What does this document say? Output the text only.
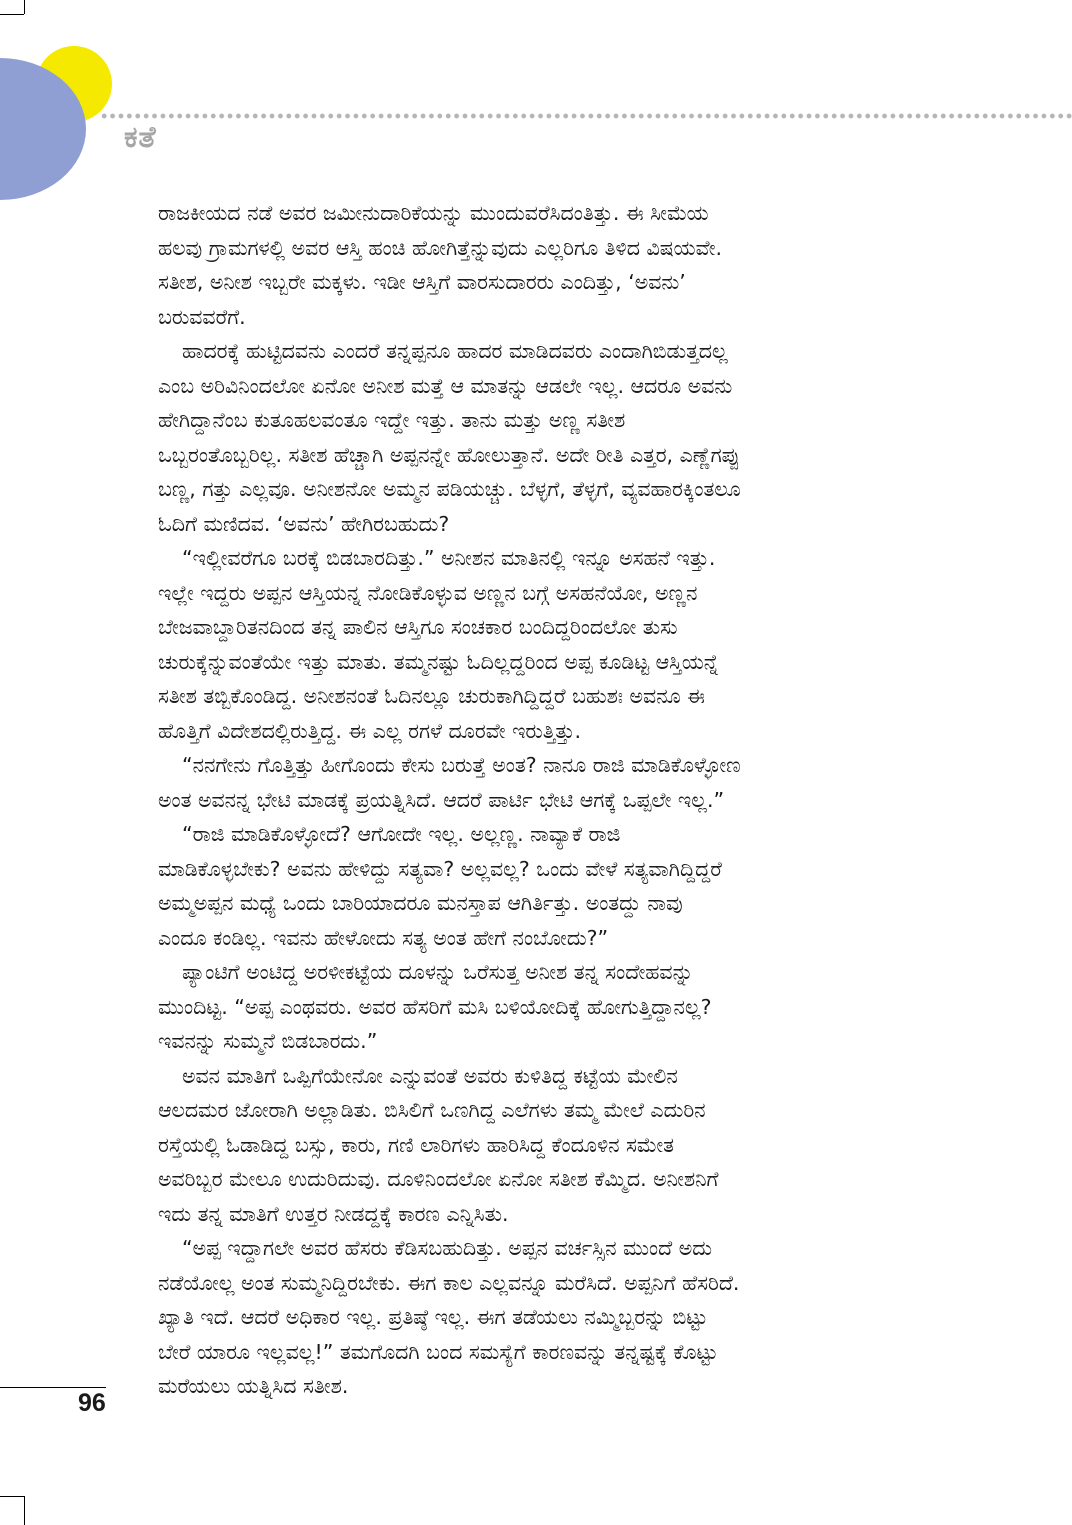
ಕತೆ
ರಾಜಕೀಯದ ನಡೆ ಅವರ ಜಮೀನುದಾರಿಕೆಯನ್ನು ಮುಂದುವರೆಸಿದಂತಿತ್ತು. ಈ ಸೀಮೆಯ
ಹಲವು ಗ್ರಾಮಗಳಲ್ಲಿ ಅವರ ಆಸ್ತಿ ಹಂಚಿ ಹೋಗಿತ್ತೆನ್ನುವುದು ಎಲ್ಲರಿಗೂ ತಿಳಿದ ವಿಷಯವೇ.
ಸತೀಶ, ಅನೀಶ ಇಬ್ಬರೇ ಮಕ್ಕಳು. ಇಡೀ ಆಸ್ತಿಗೆ ವಾರಸುದಾರರು ಎಂದಿತ್ತು, ‘ಅವನು’
ಬರುವವರೆಗೆ.
ಹಾದರಕ್ಕೆ ಹುಟ್ಟಿದವನು ಎಂದರೆ ತನ್ನಪ್ಪನೂ ಹಾದರ ಮಾಡಿದವರು ಎಂದಾಗಿಬಿಡುತ್ತದಲ್ಲ
ಎಂಬ ಅರಿವಿನಿಂದಲೋ ಏನೋ ಅನೀಶ ಮತ್ತೆ ಆ ಮಾತನ್ನು ಆಡಲೇ ಇಲ್ಲ. ಆದರೂ ಅವನು
ಹೇಗಿದ್ದಾನೆಂಬ ಕುತೂಹಲವಂತೂ ಇದ್ದೇ ಇತ್ತು. ತಾನು ಮತ್ತು ಅಣ್ಣ ಸತೀಶ
ಒಬ್ಬರಂತೊಬ್ಬರಿಲ್ಲ. ಸತೀಶ ಹೆಚ್ಚಾಗಿ ಅಪ್ಪನನ್ನೇ ಹೋಲುತ್ತಾನೆ. ಅದೇ ರೀತಿ ಎತ್ತರ, ಎಣ್ಣೆಗಪ್ಪು
ಬಣ್ಣ, ಗತ್ತು ಎಲ್ಲವೂ. ಅನೀಶನೋ ಅಮ್ಮನ ಪಡಿಯಚ್ಚು. ಬೆಳ್ಳಗೆ, ತೆಳ್ಳಗೆ, ವ್ಯವಹಾರಕ್ಕಿಂತಲೂ
ಓದಿಗೆ ಮಣಿದವ. ‘ಅವನು’ ಹೇಗಿರಬಹುದು?
“ಇಲ್ಲೀವರೆಗೂ ಬರಕ್ಕೆ ಬಿಡಬಾರದಿತ್ತು.” ಅನೀಶನ ಮಾತಿನಲ್ಲಿ ಇನ್ನೂ ಅಸಹನೆ ಇತ್ತು.
ಇಲ್ಲೇ ಇದ್ದರು ಅಪ್ಪನ ಆಸ್ತಿಯನ್ನ ನೋಡಿಕೊಳ್ಳುವ ಅಣ್ಣನ ಬಗ್ಗೆ ಅಸಹನೆಯೋ, ಅಣ್ಣನ
ಬೇಜವಾಬ್ದಾರಿತನದಿಂದ ತನ್ನ ಪಾಲಿನ ಆಸ್ತಿಗೂ ಸಂಚಕಾರ ಬಂದಿದ್ದರಿಂದಲೋ ತುಸು
ಚುರುಕ್ಕೆನ್ನುವಂತೆಯೇ ಇತ್ತು ಮಾತು. ತಮ್ಮನಷ್ಟು ಓದಿಲ್ಲದ್ದರಿಂದ ಅಪ್ಪ ಕೂಡಿಟ್ಟ ಆಸ್ತಿಯನ್ನೆ
ಸತೀಶ ತಬ್ಬಿಕೊಂಡಿದ್ದ. ಅನೀಶನಂತೆ ಓದಿನಲ್ಲೂ ಚುರುಕಾಗಿದ್ದಿದ್ದರೆ ಬಹುಶಃ ಅವನೂ ಈ
ಹೊತ್ತಿಗೆ ವಿದೇಶದಲ್ಲಿರುತ್ತಿದ್ದ. ಈ ಎಲ್ಲ ರಗಳೆ ದೂರವೇ ಇರುತ್ತಿತ್ತು.
“ನನಗೇನು ಗೊತ್ತಿತ್ತು ಹೀಗೊಂದು ಕೇಸು ಬರುತ್ತೆ ಅಂತ? ನಾನೂ ರಾಜಿ ಮಾಡಿಕೊಳ್ಳೋಣ
ಅಂತ ಅವನನ್ನ ಭೇಟಿ ಮಾಡಕ್ಕೆ ಪ್ರಯತ್ನಿಸಿದೆ. ಆದರೆ ಪಾರ್ಟಿ ಭೇಟಿ ಆಗಕ್ಕೆ ಒಪ್ಪಲೇ ಇಲ್ಲ.”
“ರಾಜಿ ಮಾಡಿಕೊಳ್ಳೋದೆ? ಆಗೋದೇ ಇಲ್ಲ. ಅಲ್ಲಣ್ಣ. ನಾವ್ಯಾಕೆ ರಾಜಿ
ಮಾಡಿಕೊಳ್ಳಬೇಕು? ಅವನು ಹೇಳಿದ್ದು ಸತ್ಯವಾ? ಅಲ್ಲವಲ್ಲ? ಒಂದು ವೇಳೆ ಸತ್ಯವಾಗಿದ್ದಿದ್ದರೆ
ಅಮ್ಮಅಪ್ಪನ ಮಧ್ಯೆ ಒಂದು ಬಾರಿಯಾದರೂ ಮನಸ್ತಾಪ ಆಗಿರ್ತಿತ್ತು. ಅಂತದ್ದು ನಾವು
ಎಂದೂ ಕಂಡಿಲ್ಲ. ಇವನು ಹೇಳೋದು ಸತ್ಯ ಅಂತ ಹೇಗೆ ನಂಬೋದು?”
ಪ್ಯಾಂಟಿಗೆ ಅಂಟಿದ್ದ ಅರಳೀಕಟ್ಟೆಯ ದೂಳನ್ನು ಒರೆಸುತ್ತ ಅನೀಶ ತನ್ನ ಸಂದೇಹವನ್ನು
ಮುಂದಿಟ್ಟ. “ಅಪ್ಪ ಎಂಥವರು. ಅವರ ಹೆಸರಿಗೆ ಮಸಿ ಬಳಿಯೋದಿಕ್ಕೆ ಹೋಗುತ್ತಿದ್ದಾನಲ್ಲ?
ಇವನನ್ನು ಸುಮ್ಮನೆ ಬಿಡಬಾರದು.”
ಅವನ ಮಾತಿಗೆ ಒಪ್ಪಿಗೆಯೇನೋ ಎನ್ನುವಂತೆ ಅವರು ಕುಳಿತಿದ್ದ ಕಟ್ಟೆಯ ಮೇಲಿನ
ಆಲದಮರ ಜೋರಾಗಿ ಅಲ್ಲಾಡಿತು. ಬಿಸಿಲಿಗೆ ಒಣಗಿದ್ದ ಎಲೆಗಳು ತಮ್ಮ ಮೇಲೆ ಎದುರಿನ
ರಸ್ತೆಯಲ್ಲಿ ಓಡಾಡಿದ್ದ ಬಸ್ಸು, ಕಾರು, ಗಣಿ ಲಾರಿಗಳು ಹಾರಿಸಿದ್ದ ಕೆಂದೂಳಿನ ಸಮೇತ
ಅವರಿಬ್ಬರ ಮೇಲೂ ಉದುರಿದುವು. ದೂಳಿನಿಂದಲೋ ಏನೋ ಸತೀಶ ಕೆಮ್ಮಿದ. ಅನೀಶನಿಗೆ
ಇದು ತನ್ನ ಮಾತಿಗೆ ಉತ್ತರ ನೀಡದ್ದಕ್ಕೆ ಕಾರಣ ಎನ್ನಿಸಿತು.
“ಅಪ್ಪ ಇದ್ದಾಗಲೇ ಅವರ ಹೆಸರು ಕೆಡಿಸಬಹುದಿತ್ತು. ಅಪ್ಪನ ವರ್ಚಸ್ಸಿನ ಮುಂದೆ ಅದು
ನಡೆಯೋಲ್ಲ ಅಂತ ಸುಮ್ಮನಿದ್ದಿರಬೇಕು. ಈಗ ಕಾಲ ಎಲ್ಲವನ್ನೂ ಮರೆಸಿದೆ. ಅಪ್ಪನಿಗೆ ಹೆಸರಿದೆ.
ಖ್ಯಾತಿ ಇದೆ. ಆದರೆ ಅಧಿಕಾರ ಇಲ್ಲ. ಪ್ರತಿಷ್ಠೆ ಇಲ್ಲ. ಈಗ ತಡೆಯಲು ನಮ್ಮಿಬ್ಬರನ್ನು ಬಿಟ್ಟು
ಬೇರೆ ಯಾರೂ ಇಲ್ಲವಲ್ಲ!” ತಮಗೊದಗಿ ಬಂದ ಸಮಸ್ಯೆಗೆ ಕಾರಣವನ್ನು ತನ್ನಷ್ಟಕ್ಕೆ ಕೊಟ್ಟು
ಮರೆಯಲು ಯತ್ನಿಸಿದ ಸತೀಶ.
96
